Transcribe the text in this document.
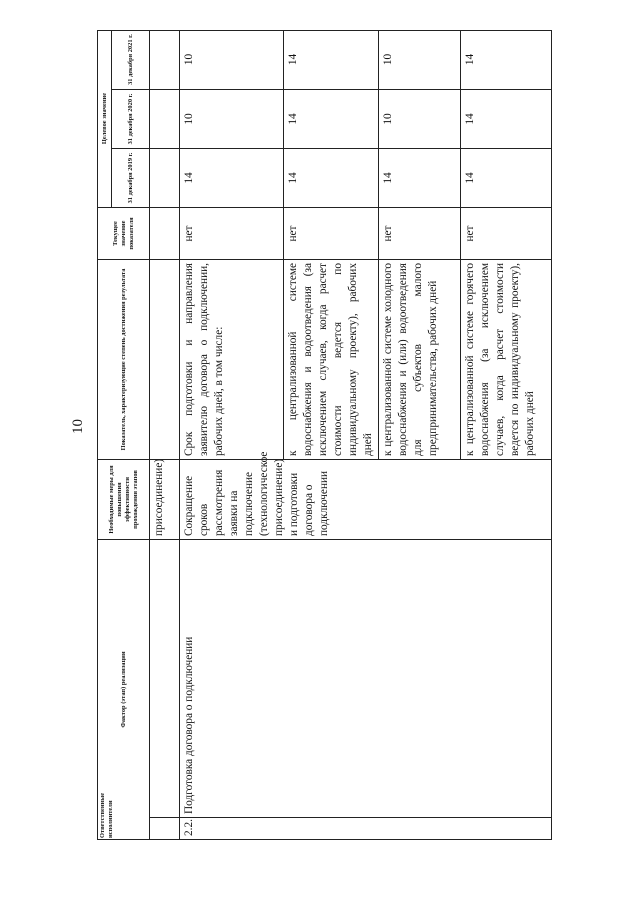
10
Фактор (этап) реализации
Необходимые меры для повышения эффективности прохождения этапов
Показатель, характеризующие степень достижения результата
Текущее значение показателя
Целевое значение
31 декабря 2019 г.
31 декабря 2020 г.
31 декабря 2021 г.
Ответственные исполнители
присоединение)
2.2.
Подготовка договора о подключении
Сокращение сроков рассмотрения заявки на подключение (технологическое присоединение) и подготовки договора о подключении
Срок подготовки и направления заявителю договора о подключении, рабочих дней, в том числе:
нет
14
10
10
к централизованной системе водоснабжения и водоотведения (за исключением случаев, когда расчет стоимости ведется по индивидуальному проекту), рабочих дней
нет
14
14
14
к централизованной системе холодного водоснабжения и (или) водоотведения для субъектов малого предпринимательства, рабочих дней
нет
14
10
10
к централизованной системе горячего водоснабжения (за исключением случаев, когда расчет стоимости ведется по индивидуальному проекту), рабочих дней
нет
14
14
14
